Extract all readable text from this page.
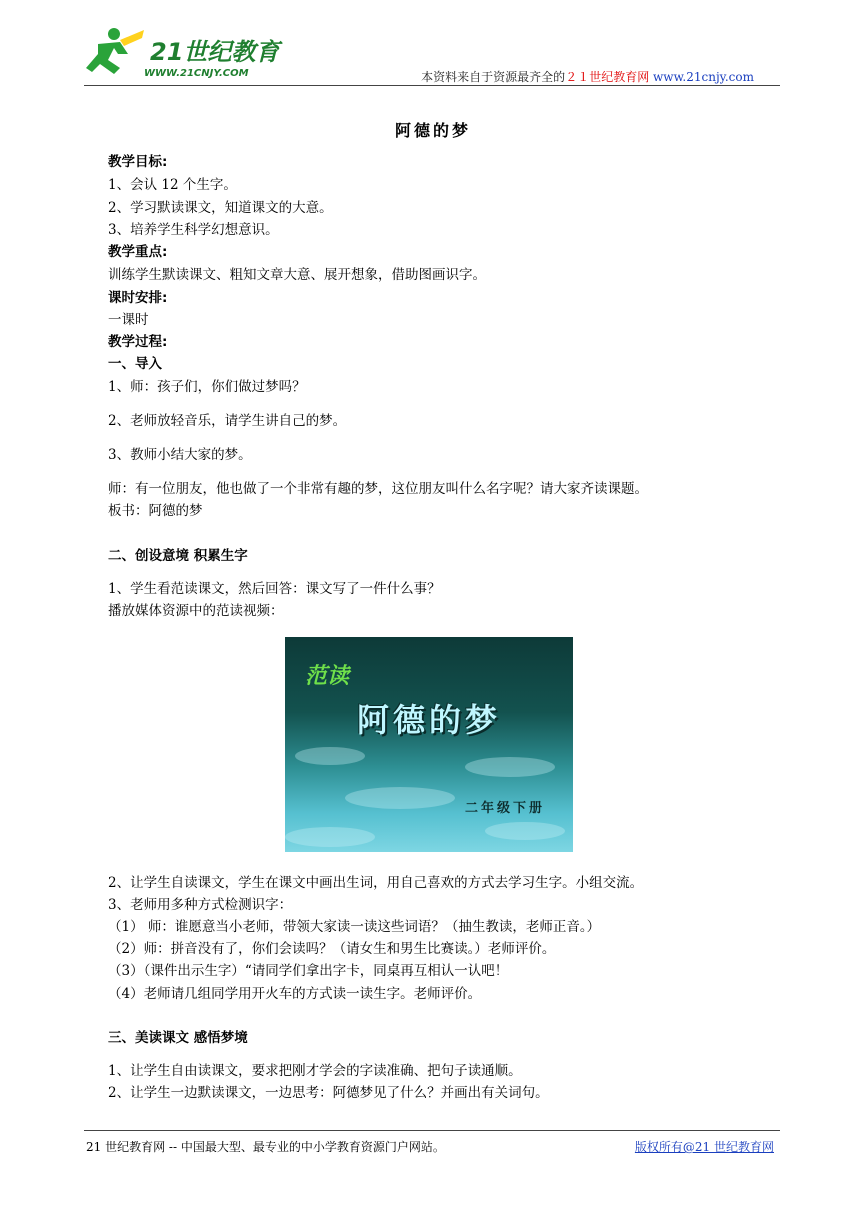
21世纪教育
WWW.21CNJY.COM	本资料来自于资源最齐全的２１世纪教育网 www.21cnjy.com
阿德的梦
教学目标:
1、会认 12 个生字。
2、学习默读课文，知道课文的大意。
3、培养学生科学幻想意识。
教学重点:
训练学生默读课文、粗知文章大意、展开想象，借助图画识字。
课时安排:
一课时
教学过程:
一、导入
1、师：孩子们，你们做过梦吗？
2、老师放轻音乐，请学生讲自己的梦。
3、教师小结大家的梦。
师：有一位朋友，他也做了一个非常有趣的梦，这位朋友叫什么名字呢？请大家齐读课题。
板书：阿德的梦
二、创设意境 积累生字
1、学生看范读课文，然后回答：课文写了一件什么事？
播放媒体资源中的范读视频：
2、让学生自读课文，学生在课文中画出生词，用自己喜欢的方式去学习生字。小组交流。
3、老师用多种方式检测识字：
（1） 师：谁愿意当小老师，带领大家读一读这些词语？（抽生教读，老师正音。）
（2）师：拼音没有了，你们会读吗？（请女生和男生比赛读。）老师评价。
（3）（课件出示生字）“请同学们拿出字卡，同桌再互相认一认吧！
（4）老师请几组同学用开火车的方式读一读生字。老师评价。
三、美读课文 感悟梦境
1、让学生自由读课文，要求把刚才学会的字读准确、把句子读通顺。
2、让学生一边默读课文，一边思考：阿德梦见了什么？并画出有关词句。
范读
阿德的梦
二年级下册
21 世纪教育网 -- 中国最大型、最专业的中小学教育资源门户网站。	版权所有@21 世纪教育网
